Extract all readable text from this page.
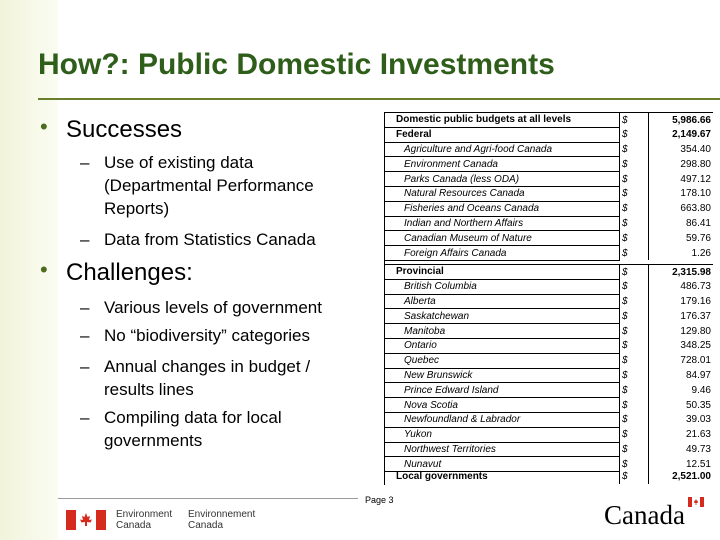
How?: Public Domestic Investments
• Successes
– Use of existing data (Departmental Performance Reports)
– Data from Statistics Canada
• Challenges:
– Various levels of government
– No “biodiversity” categories
– Annual changes in budget / results lines
– Compiling data for local governments
Domestic public budgets at all levels	$	5,986.66
Federal	$	2,149.67
Agriculture and Agri-food Canada	$	354.40
Environment Canada	$	298.80
Parks Canada (less ODA)	$	497.12
Natural Resources Canada	$	178.10
Fisheries and Oceans Canada	$	663.80
Indian and Northern Affairs	$	86.41
Canadian Museum of Nature	$	59.76
Foreign Affairs Canada	$	1.26
Provincial	$	2,315.98
British Columbia	$	486.73
Alberta	$	179.16
Saskatchewan	$	176.37
Manitoba	$	129.80
Ontario	$	348.25
Quebec	$	728.01
New Brunswick	$	84.97
Prince Edward Island	$	9.46
Nova Scotia	$	50.35
Newfoundland & Labrador	$	39.03
Yukon	$	21.63
Northwest Territories	$	49.73
Nunavut	$	12.51
Local governments	$	2,521.00
Page 3
Environment
Canada
Environnement
Canada	Canada
